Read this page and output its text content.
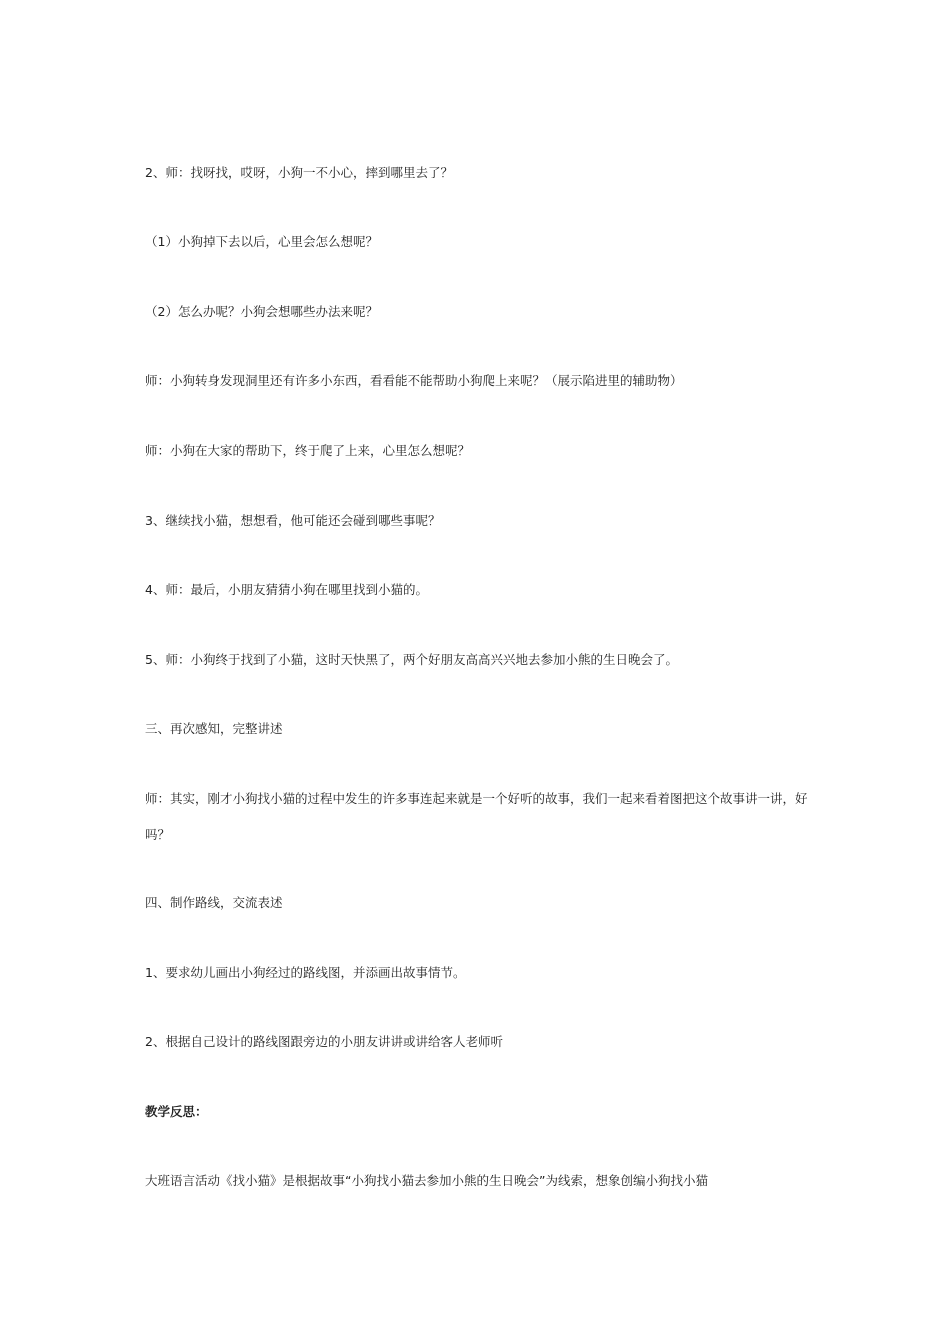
2、师：找呀找，哎呀，小狗一不小心，摔到哪里去了？

（1）小狗掉下去以后，心里会怎么想呢？

（2）怎么办呢？小狗会想哪些办法来呢？

师：小狗转身发现洞里还有许多小东西，看看能不能帮助小狗爬上来呢？（展示陷进里的辅助物）

师：小狗在大家的帮助下，终于爬了上来，心里怎么想呢？

3、继续找小猫，想想看，他可能还会碰到哪些事呢？

4、师：最后，小朋友猜猜小狗在哪里找到小猫的。

5、师：小狗终于找到了小猫，这时天快黑了，两个好朋友高高兴兴地去参加小熊的生日晚会了。

三、再次感知，完整讲述

师：其实，刚才小狗找小猫的过程中发生的许多事连起来就是一个好听的故事，我们一起来看着图把这个故事讲一讲，好吗？

四、制作路线，交流表述

1、要求幼儿画出小狗经过的路线图，并添画出故事情节。

2、根据自己设计的路线图跟旁边的小朋友讲讲或讲给客人老师听

教学反思：

大班语言活动《找小猫》是根据故事“小狗找小猫去参加小熊的生日晚会”为线索，想象创编小狗找小猫
